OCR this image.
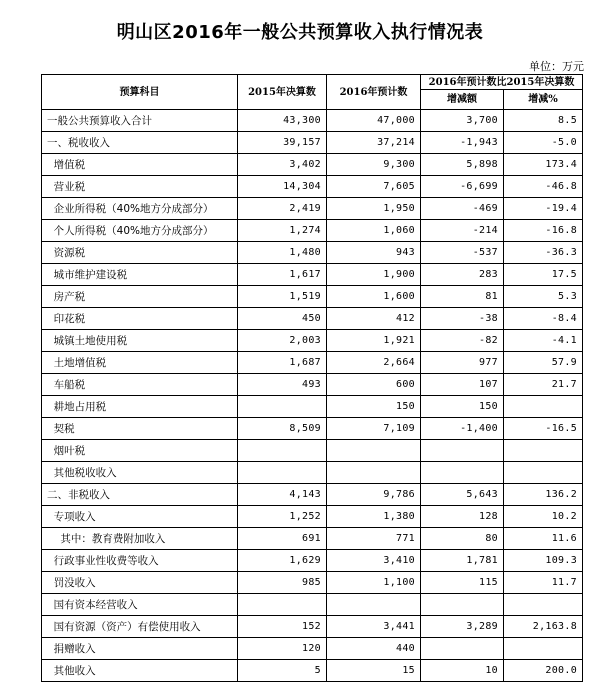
明山区2016年一般公共预算收入执行情况表
单位：万元
预算科目	2015年决算数	2016年预计数	2016年预计数比2015年决算数	
			增减额	增减%
一般公共预算收入合计	43,300	47,000	3,700	8.5
一、税收收入	39,157	37,214	-1,943	-5.0
增值税	3,402	9,300	5,898	173.4
营业税	14,304	7,605	-6,699	-46.8
企业所得税（40%地方分成部分）	2,419	1,950	-469	-19.4
个人所得税（40%地方分成部分）	1,274	1,060	-214	-16.8
资源税	1,480	943	-537	-36.3
城市维护建设税	1,617	1,900	283	17.5
房产税	1,519	1,600	81	5.3
印花税	450	412	-38	-8.4
城镇土地使用税	2,003	1,921	-82	-4.1
土地增值税	1,687	2,664	977	57.9
车船税	493	600	107	21.7
耕地占用税		150	150	
契税	8,509	7,109	-1,400	-16.5
烟叶税				
其他税收收入				
二、非税收入	4,143	9,786	5,643	136.2
专项收入	1,252	1,380	128	10.2
其中：教育费附加收入	691	771	80	11.6
行政事业性收费等收入	1,629	3,410	1,781	109.3
罚没收入	985	1,100	115	11.7
国有资本经营收入				
国有资源（资产）有偿使用收入	152	3,441	3,289	2,163.8
捐赠收入	120	440		
其他收入	5	15	10	200.0
